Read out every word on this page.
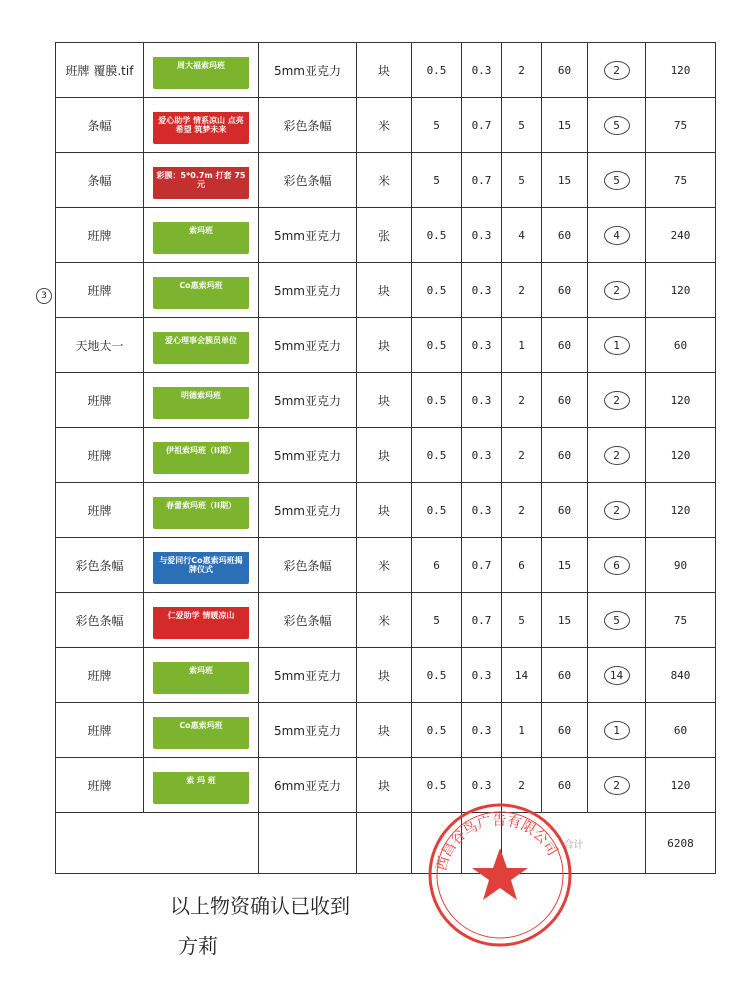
3
班牌 覆膜.tif	周大福索玛班	5mm亚克力	块	0.5	0.3	2	60	2	120
条幅	爱心助学 情系凉山 点亮希望 筑梦未来	彩色条幅	米	5	0.7	5	15	5	75
条幅	彩膜：5*0.7m 打套 75元	彩色条幅	米	5	0.7	5	15	5	75
班牌	索玛班	5mm亚克力	张	0.5	0.3	4	60	4	240
班牌	Co惠索玛班	5mm亚克力	块	0.5	0.3	2	60	2	120
天地太一	爱心理事会簇员单位	5mm亚克力	块	0.5	0.3	1	60	1	60
班牌	明德索玛班	5mm亚克力	块	0.5	0.3	2	60	2	120
班牌	伊祖索玛班（II期）	5mm亚克力	块	0.5	0.3	2	60	2	120
班牌	春蕾索玛班（II期）	5mm亚克力	块	0.5	0.3	2	60	2	120
彩色条幅	与爱同行Co惠索玛班揭牌仪式	彩色条幅	米	6	0.7	6	15	6	90
彩色条幅	仁爱助学 情暖凉山	彩色条幅	米	5	0.7	5	15	5	75
班牌	索玛班	5mm亚克力	块	0.5	0.3	14	60	14	840
班牌	Co惠索玛班	5mm亚克力	块	0.5	0.3	1	60	1	60
班牌	索 玛 班	6mm亚克力	块	0.5	0.3	2	60	2	120
						合计			6208
以上物资确认已收到
方莉
西昌谷鸟广告有限公司
